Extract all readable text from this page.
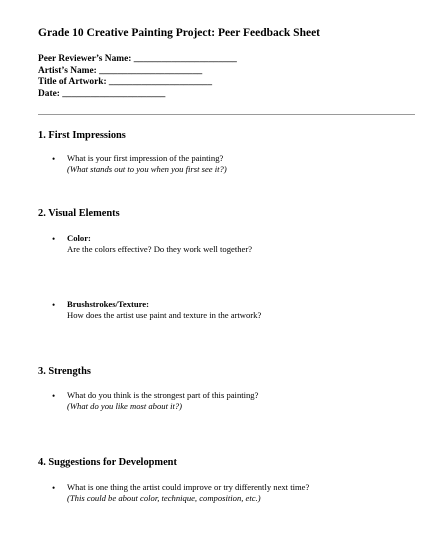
Grade 10 Creative Painting Project: Peer Feedback Sheet
Peer Reviewer’s Name: ______________________
Artist’s Name: ______________________
Title of Artwork: ______________________
Date: ______________________
1. First Impressions
• What is your first impression of the painting?
(What stands out to you when you first see it?)
2. Visual Elements
• Color:
Are the colors effective? Do they work well together?
• Brushstrokes/Texture:
How does the artist use paint and texture in the artwork?
3. Strengths
• What do you think is the strongest part of this painting?
(What do you like most about it?)
4. Suggestions for Development
• What is one thing the artist could improve or try differently next time?
(This could be about color, technique, composition, etc.)
